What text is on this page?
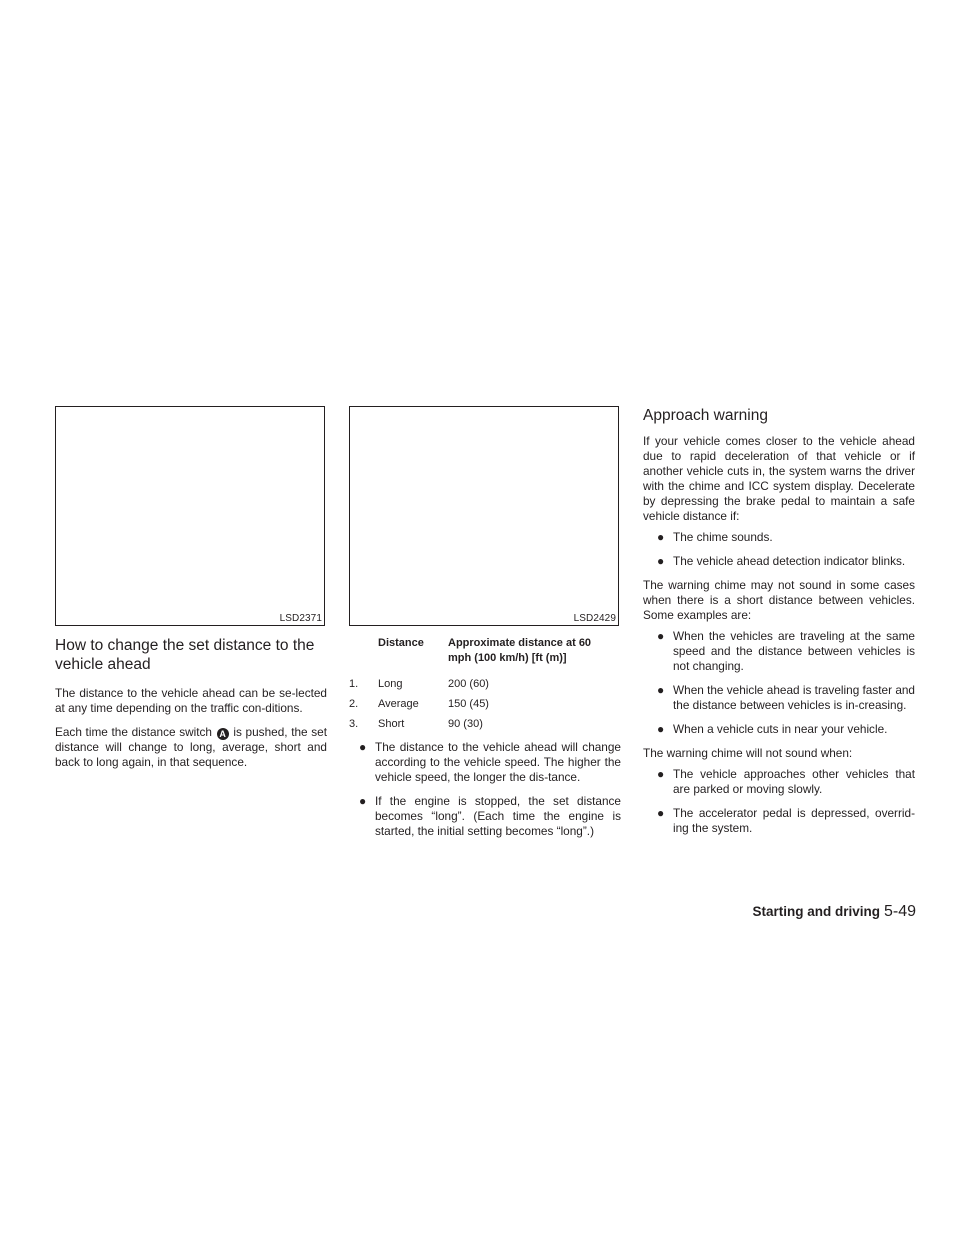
LSD2371
How to change the set distance to the vehicle ahead

The distance to the vehicle ahead can be se-lected at any time depending on the traffic con-ditions.

Each time the distance switch A is pushed, the set distance will change to long, average, short and back to long again, in that sequence.

LSD2429
	Distance	Approximate distance at 60 mph (100 km/h) [ft (m)]
1.	Long	200 (60)
2.	Average	150 (45)
3.	Short	90 (30)
● The distance to the vehicle ahead will change according to the vehicle speed. The higher the vehicle speed, the longer the dis-tance.
● If the engine is stopped, the set distance becomes “long”. (Each time the engine is started, the initial setting becomes “long”.)
Approach warning

If your vehicle comes closer to the vehicle ahead due to rapid deceleration of that vehicle or if another vehicle cuts in, the system warns the driver with the chime and ICC system display. Decelerate by depressing the brake pedal to maintain a safe vehicle distance if:

● The chime sounds.
● The vehicle ahead detection indicator blinks.

The warning chime may not sound in some cases when there is a short distance between vehicles. Some examples are:

● When the vehicles are traveling at the same speed and the distance between vehicles is not changing.
● When the vehicle ahead is traveling faster and the distance between vehicles is in-creasing.
● When a vehicle cuts in near your vehicle.

The warning chime will not sound when:

● The vehicle approaches other vehicles that are parked or moving slowly.
● The accelerator pedal is depressed, overrid-ing the system.
Starting and driving 5-49
